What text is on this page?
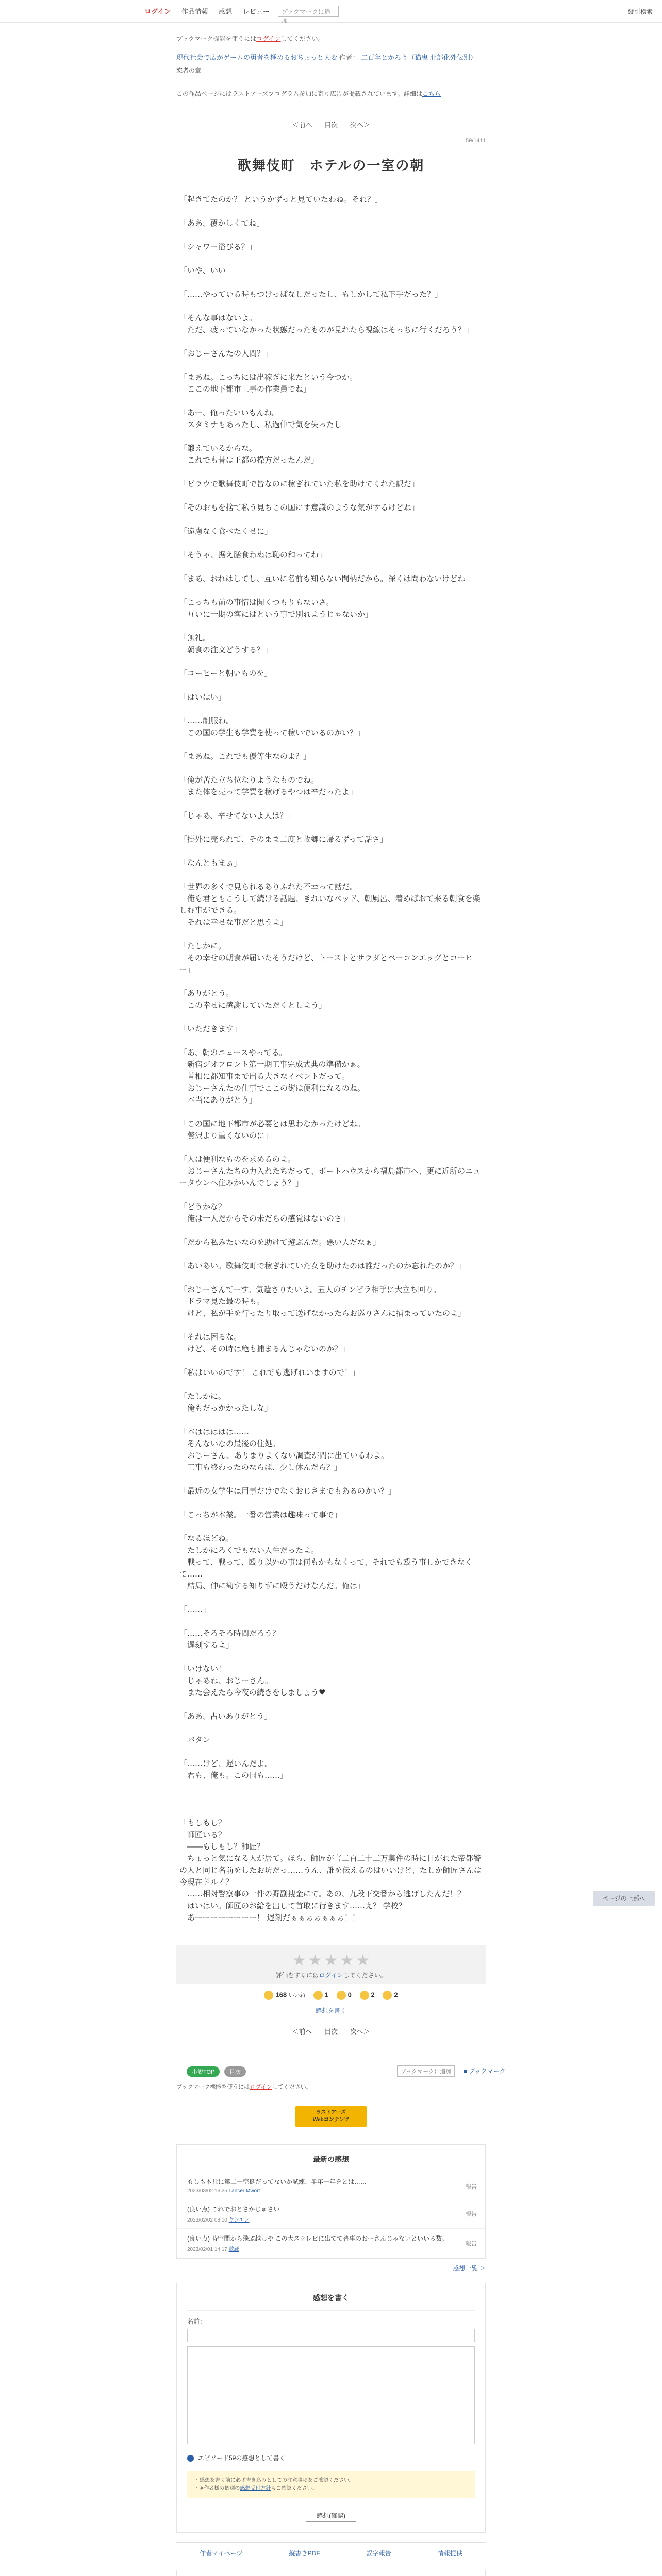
ログイン 作品情報 感想 レビュー	ブックマークに追加
縦引検索
ブックマーク機能を使うにはログインしてください。
現代社会で広がゲームの勇者を極めるおちょっと大変 作者： 二百年とかろう（猫鬼 北部化外伝別）
恋者の章
この作品ページにはラストアーズプログラム参加に寄り広告が掲載されています。詳細はこちら
＜前へ 目次 次へ＞
59/1411
歌舞伎町　ホテルの一室の朝

「起きてたのか？ というかずっと見ていたわね。それ？」

「ああ、覆かしくてね」

「シャワー浴びる？」

「いや、いい」

「……やっている時もつけっぱなしだったし、もしかして私下手だった？」

「そんな事はないよ。
　ただ、疲っていなかった状態だったものが見れたら視線はそっちに行くだろう？」

「おじーさんたの人間？」

「まあね。こっちには出稼ぎに来たという今つか。
　ここの地下都市工事の作業員でね」

「あー、俺ったいいもんね。
　スタミナもあったし、私過仲で気を失ったし」

「鍛えているからな。
　これでも昔は王都の操方だったんだ」

「ビラウで歌舞伎町で皆なのに稼ぎれていた私を助けてくれた訳だ」

「そのおもを捨て私う見ちこの国にす意識のような気がするけどね」

「遠慮なく食べたくせに」

「そうゃ、据え膳食わぬは恥の和ってね」

「まあ、おれはしてし、互いに名前も知らない間柄だから。深くは問わないけどね」

「こっちも前の事情は聞くつもりもないさ。
　互いに一期の客にはという事で別れようじゃないか」

「無礼。
　朝食の注文どうする？」

「コーヒーと朝いものを」

「はいはい」

「……制服ね。
　この国の学生も学費を使って稼いでいるのかい？」

「まあね。これでも優等生なのよ？」

「俺が苦た立ち位なりようなものでね。
　また体を売って学費を稼げるやつは辛だったよ」

「じゃあ、辛せてないよ人は？」

「掛外に売られて、そのまま二度と故郷に帰るずって話さ」

「なんともまぁ」

「世界の多くで見られるありふれた不幸って話だ。
　俺も君ともこうして続ける話題、きれいなベッド、朝風呂、着めばおて来る朝食を楽しむ事ができる。
　それは幸せな事だと思うよ」

「たしかに。
　その幸せの朝食が届いたそうだけど、トーストとサラダとベーコンエッグとコーヒー」

「ありがとう。
　この幸せに感謝していただくとしよう」

「いただきます」

「あ、朝のニュースやってる。
　新宿ジオフロント第一期工事完成式典の準備かぁ。
　首相に都知事まで出る大きなイベントだって。
　おじーさんたの仕事でここの街は便利になるのね。
　本当にありがとう」

「この国に地下都市が必要とは思わなかったけどね。
　贅沢より重くないのに」

「人は便利なものを求めるのよ。
　おじーさんたちの力入れたちだって、ボートハウスから福島都市へ、更に近所のニュータウンへ住みかいんでしょう？」

「どうかな？
　俺は一人だからその未だらの感覚はないのさ」

「だから私みたいなのを助けて遊ぶんだ。悪い人だなぁ」

「あいあい。歌舞伎町で稼ぎれていた女を助けたのは誰だったのか忘れたのか？」

「おじーさんてーす。気遣さりたいよ。五人のチンピラ相手に大立ち回り。
　ドラマ見た最の時も。
　けど、私が手を行ったり取って送げなかったらお巡りさんに捕まっていたのよ」

「それは困るな。
　けど、その時は絶も捕まるんじゃないのか？」

「私はいいのです！ これでも逃げれいますので！」

「たしかに。
　俺もだっかかったしな」

「本ははははは……
　そんないなの最後の住処。
　おじーさん、ありまりよくない調査が間に出ているわよ。
　工事も終わったのならば、少し休んだら？」

「最近の女学生は用事だけでなくおじさまでもあるのかい？」

「こっちが本業。一番の営業は趣味って事で」

「なるほどね。
　たしかにろくでもない人生だったよ。
　戦って、戦って、殴り以外の事は何もかもなくって、それでも殴う事しかできなくて……
　結局、仲に勧する知りずに殴うだけなんだ。俺は」

「……」

「……そろそろ時間だろう？
　遅刻するよ」

「いけない！
　じゃあね、おじーさん。
　また会えたら今夜の続きをしましょう♥」

「ああ、占いありがとう」

　バタン

「……けど、遅いんだよ。
　君も、俺も。この国も……」

「もしもし？
　師匠いる？
　――もしもし？師匠？
　ちょっと気になる人が居て。ほら、師匠が言二百二十二万集件の時に目がれた帝都警の人と同じ名前をしたお坊だっ……うん、誰を伝えるのはいいけど、たしか師匠さんは今現在ドルイ？
　……相対警察事の一件の野副捜金にて。あの、九段下交番から逃げしたんだ！？
　はいはい。師匠のお給を出して首取に行きます……え？ 学校？
　あーーーーーーーー！ 遅刻だぁぁぁぁぁぁぁ！！」

★ ★ ★ ★ ★
評価をするにはログインしてください。
168 いいね	1	0	2	2
感想を書く
＜前へ 目次 次へ＞
ページの上部へ
小説TOP	目次	ブックマークに追加 ■ ブックマーク
ブックマーク機能を使うにはログインしてください。
ラストアーズ
Webコンテンツ
最新の感想
もしも本社に第二一空挺だってないか試練、半年一年をとは……
2023/03/02 16:25 Lancer Mwort
報告
(良い点) これでおとさかじゅさい
2023/02/02 08:10 ヤシエン
報告
(良い点) 時空間から飛ぶ越しや この大ステレビに出てて普事のおーさんじゃないといいる数。
2023/02/01 14:17 敷蔵
報告
感想一覧 ＞
感想を書く
名前：
エピソード59の感想として書く
・感想を書く前に必ず書き込みとしての注意事項をご確認ください。
・※作者様の個別の感想受付方針もご確認ください。
感想(確認)
作者マイページ	縦書きPDF	誤字報告	情報提供
